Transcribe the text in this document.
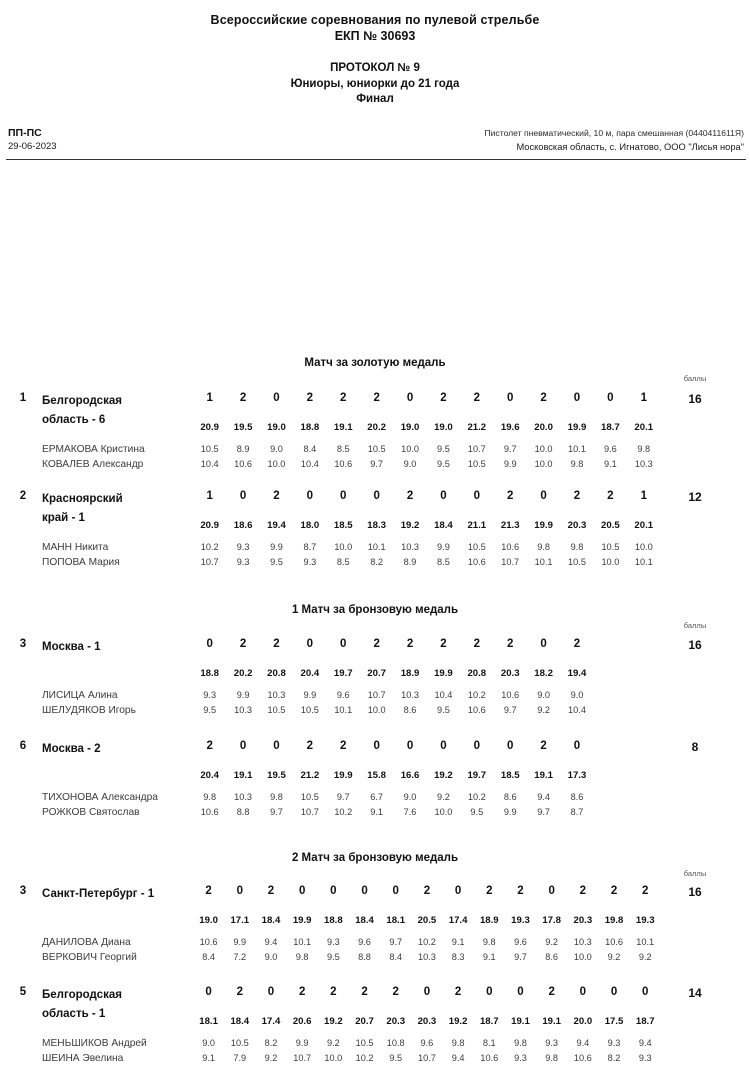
Всероссийские соревнования по пулевой стрельбе
ЕКП № 30693
ПРОТОКОЛ № 9
Юниоры, юниорки до 21 года
Финал
ПП-ПС
29-06-2023
Пистолет пневматический, 10 м, пара смешанная (0440411611Я)
Московская область, с. Игнатово, ООО "Лисья нора"
Матч за золотую медаль
баллы
1	Белгородская
область - 6
16
1 2 0 2 2 2 0 2 2 0 2 0 0 1
20.9 19.5 19.0 18.8 19.1 20.2 19.0 19.0 21.2 19.6 20.0 19.9 18.7 20.1
ЕРМАКОВА Кристина	10.5 8.9 9.0 8.4 8.5 10.5 10.0 9.5 10.7 9.7 10.0 10.1 9.6 9.8
КОВАЛЕВ Александр	10.4 10.6 10.0 10.4 10.6 9.7 9.0 9.5 10.5 9.9 10.0 9.8 9.1 10.3
2	Красноярский
край - 1
12
1 0 2 0 0 0 2 0 0 2 0 2 2 1
20.9 18.6 19.4 18.0 18.5 18.3 19.2 18.4 21.1 21.3 19.9 20.3 20.5 20.1
МАНН Никита	10.2 9.3 9.9 8.7 10.0 10.1 10.3 9.9 10.5 10.6 9.8 9.8 10.5 10.0
ПОПОВА Мария	10.7 9.3 9.5 9.3 8.5 8.2 8.9 8.5 10.6 10.7 10.1 10.5 10.0 10.1
1 Матч за бронзовую медаль
баллы
3	Москва - 1	16
0 2 2 0 0 2 2 2 2 2 0 2
18.8 20.2 20.8 20.4 19.7 20.7 18.9 19.9 20.8 20.3 18.2 19.4
ЛИСИЦА Алина	9.3 9.9 10.3 9.9 9.6 10.7 10.3 10.4 10.2 10.6 9.0 9.0
ШЕЛУДЯКОВ Игорь	9.5 10.3 10.5 10.5 10.1 10.0 8.6 9.5 10.6 9.7 9.2 10.4
6	Москва - 2	8
2 0 0 2 2 0 0 0 0 0 2 0
20.4 19.1 19.5 21.2 19.9 15.8 16.6 19.2 19.7 18.5 19.1 17.3
ТИХОНОВА Александра	9.8 10.3 9.8 10.5 9.7 6.7 9.0 9.2 10.2 8.6 9.4 8.6
РОЖКОВ Святослав	10.6 8.8 9.7 10.7 10.2 9.1 7.6 10.0 9.5 9.9 9.7 8.7
2 Матч за бронзовую медаль
баллы
3	Санкт-Петербург - 1	16
2 0 2 0 0 0 0 2 0 2 2 0 2 2 2
19.0 17.1 18.4 19.9 18.8 18.4 18.1 20.5 17.4 18.9 19.3 17.8 20.3 19.8 19.3
ДАНИЛОВА Диана	10.6 9.9 9.4 10.1 9.3 9.6 9.7 10.2 9.1 9.8 9.6 9.2 10.3 10.6 10.1
ВЕРКОВИЧ Георгий	8.4 7.2 9.0 9.8 9.5 8.8 8.4 10.3 8.3 9.1 9.7 8.6 10.0 9.2 9.2
5	Белгородская
область - 1
14
0 2 0 2 2 2 2 0 2 0 0 2 0 0 0
18.1 18.4 17.4 20.6 19.2 20.7 20.3 20.3 19.2 18.7 19.1 19.1 20.0 17.5 18.7
МЕНЬШИКОВ Андрей	9.0 10.5 8.2 9.9 9.2 10.5 10.8 9.6 9.8 8.1 9.8 9.3 9.4 9.3 9.4
ШЕИНА Эвелина	9.1 7.9 9.2 10.7 10.0 10.2 9.5 10.7 9.4 10.6 9.3 9.8 10.6 8.2 9.3
